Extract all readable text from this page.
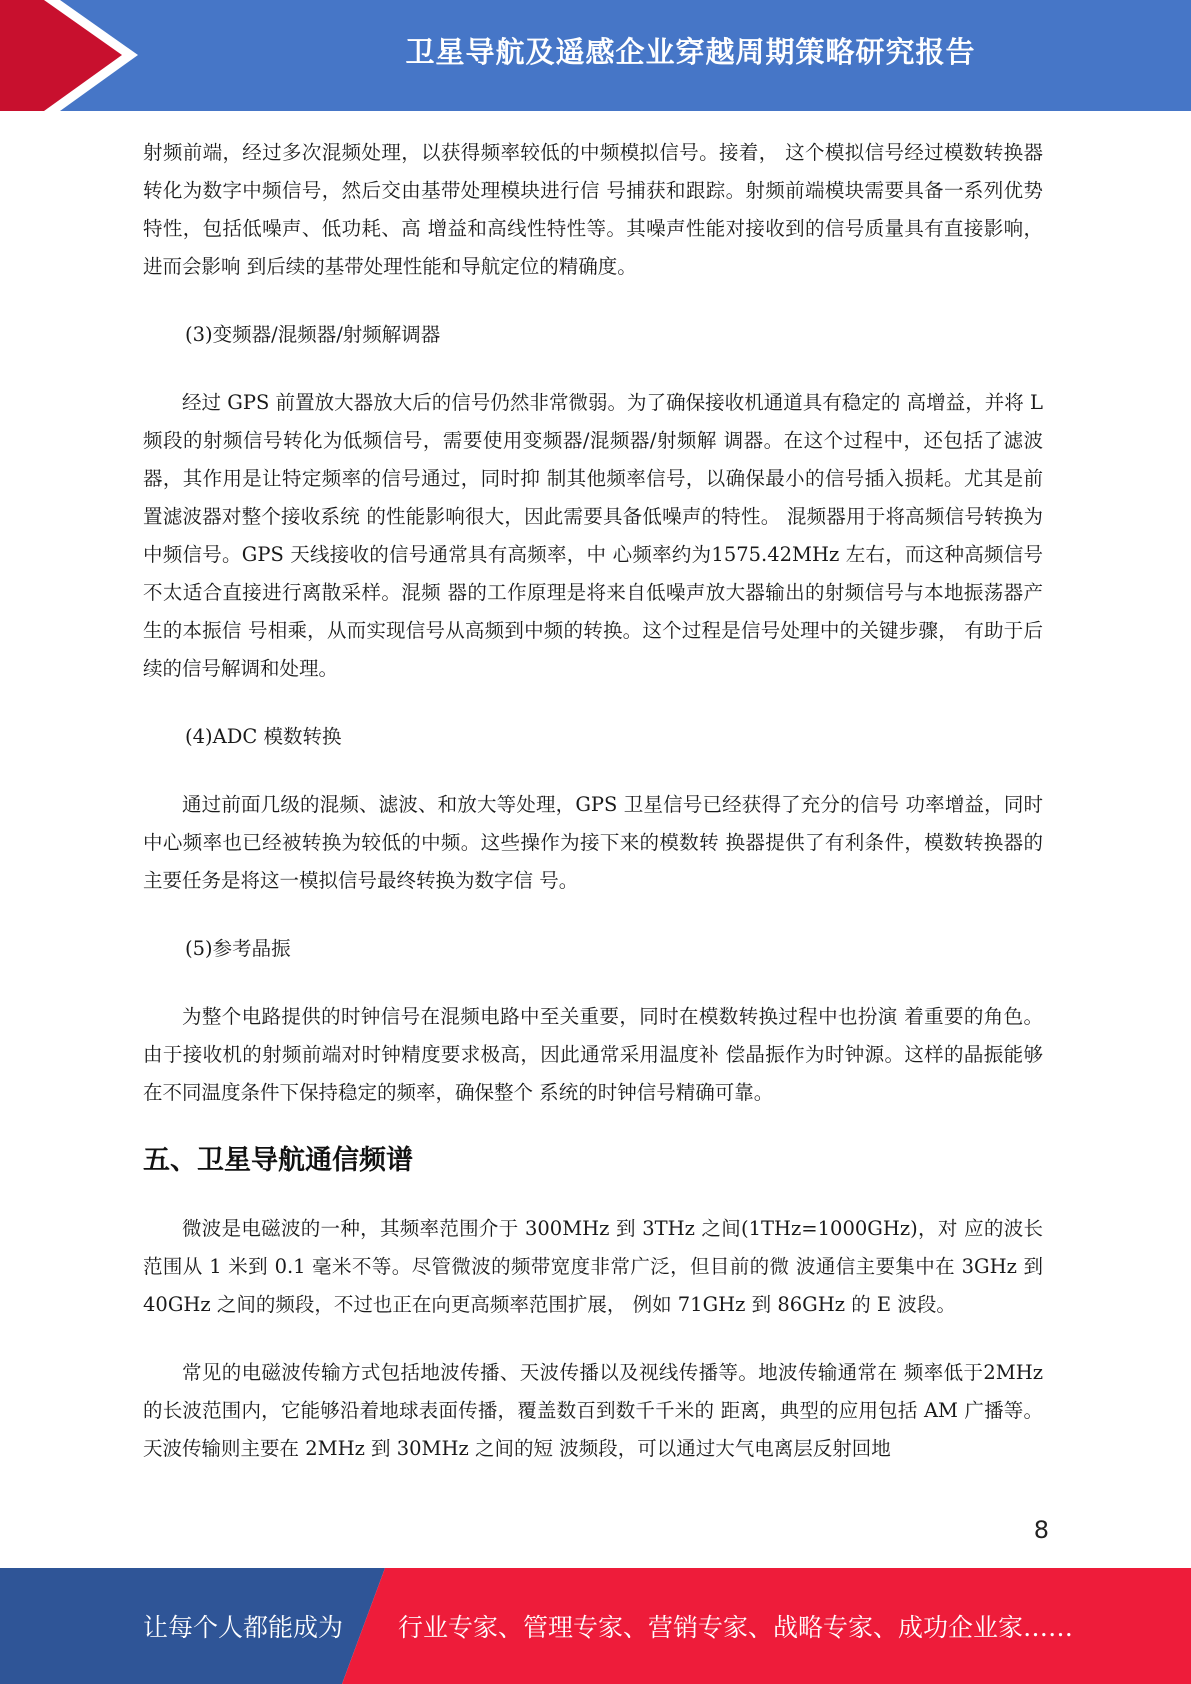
卫星导航及遥感企业穿越周期策略研究报告

射频前端，经过多次混频处理，以获得频率较低的中频模拟信号。接着， 这个模拟信号经过模数转换器转化为数字中频信号，然后交由基带处理模块进行信 号捕获和跟踪。射频前端模块需要具备一系列优势特性，包括低噪声、低功耗、高 增益和高线性特性等。其噪声性能对接收到的信号质量具有直接影响，进而会影响 到后续的基带处理性能和导航定位的精确度。

(3)变频器/混频器/射频解调器

经过 GPS 前置放大器放大后的信号仍然非常微弱。为了确保接收机通道具有稳定的 高增益，并将 L 频段的射频信号转化为低频信号，需要使用变频器/混频器/射频解 调器。在这个过程中，还包括了滤波器，其作用是让特定频率的信号通过，同时抑 制其他频率信号，以确保最小的信号插入损耗。尤其是前置滤波器对整个接收系统 的性能影响很大，因此需要具备低噪声的特性。 混频器用于将高频信号转换为中频信号。GPS 天线接收的信号通常具有高频率，中 心频率约为1575.42MHz 左右，而这种高频信号不太适合直接进行离散采样。混频 器的工作原理是将来自低噪声放大器输出的射频信号与本地振荡器产生的本振信 号相乘，从而实现信号从高频到中频的转换。这个过程是信号处理中的关键步骤， 有助于后续的信号解调和处理。

(4)ADC 模数转换

通过前面几级的混频、滤波、和放大等处理，GPS 卫星信号已经获得了充分的信号 功率增益，同时中心频率也已经被转换为较低的中频。这些操作为接下来的模数转 换器提供了有利条件，模数转换器的主要任务是将这一模拟信号最终转换为数字信 号。

(5)参考晶振

为整个电路提供的时钟信号在混频电路中至关重要，同时在模数转换过程中也扮演 着重要的角色。由于接收机的射频前端对时钟精度要求极高，因此通常采用温度补 偿晶振作为时钟源。这样的晶振能够在不同温度条件下保持稳定的频率，确保整个 系统的时钟信号精确可靠。

五、卫星导航通信频谱

微波是电磁波的一种，其频率范围介于 300MHz 到 3THz 之间(1THz=1000GHz)，对 应的波长范围从 1 米到 0.1 毫米不等。尽管微波的频带宽度非常广泛，但目前的微 波通信主要集中在 3GHz 到 40GHz 之间的频段，不过也正在向更高频率范围扩展， 例如 71GHz 到 86GHz 的 E 波段。

常见的电磁波传输方式包括地波传播、天波传播以及视线传播等。地波传输通常在 频率低于2MHz 的长波范围内，它能够沿着地球表面传播，覆盖数百到数千千米的 距离，典型的应用包括 AM 广播等。天波传输则主要在 2MHz 到 30MHz 之间的短 波频段，可以通过大气电离层反射回地

8
让每个人都能成为 行业专家、管理专家、营销专家、战略专家、成功企业家……
